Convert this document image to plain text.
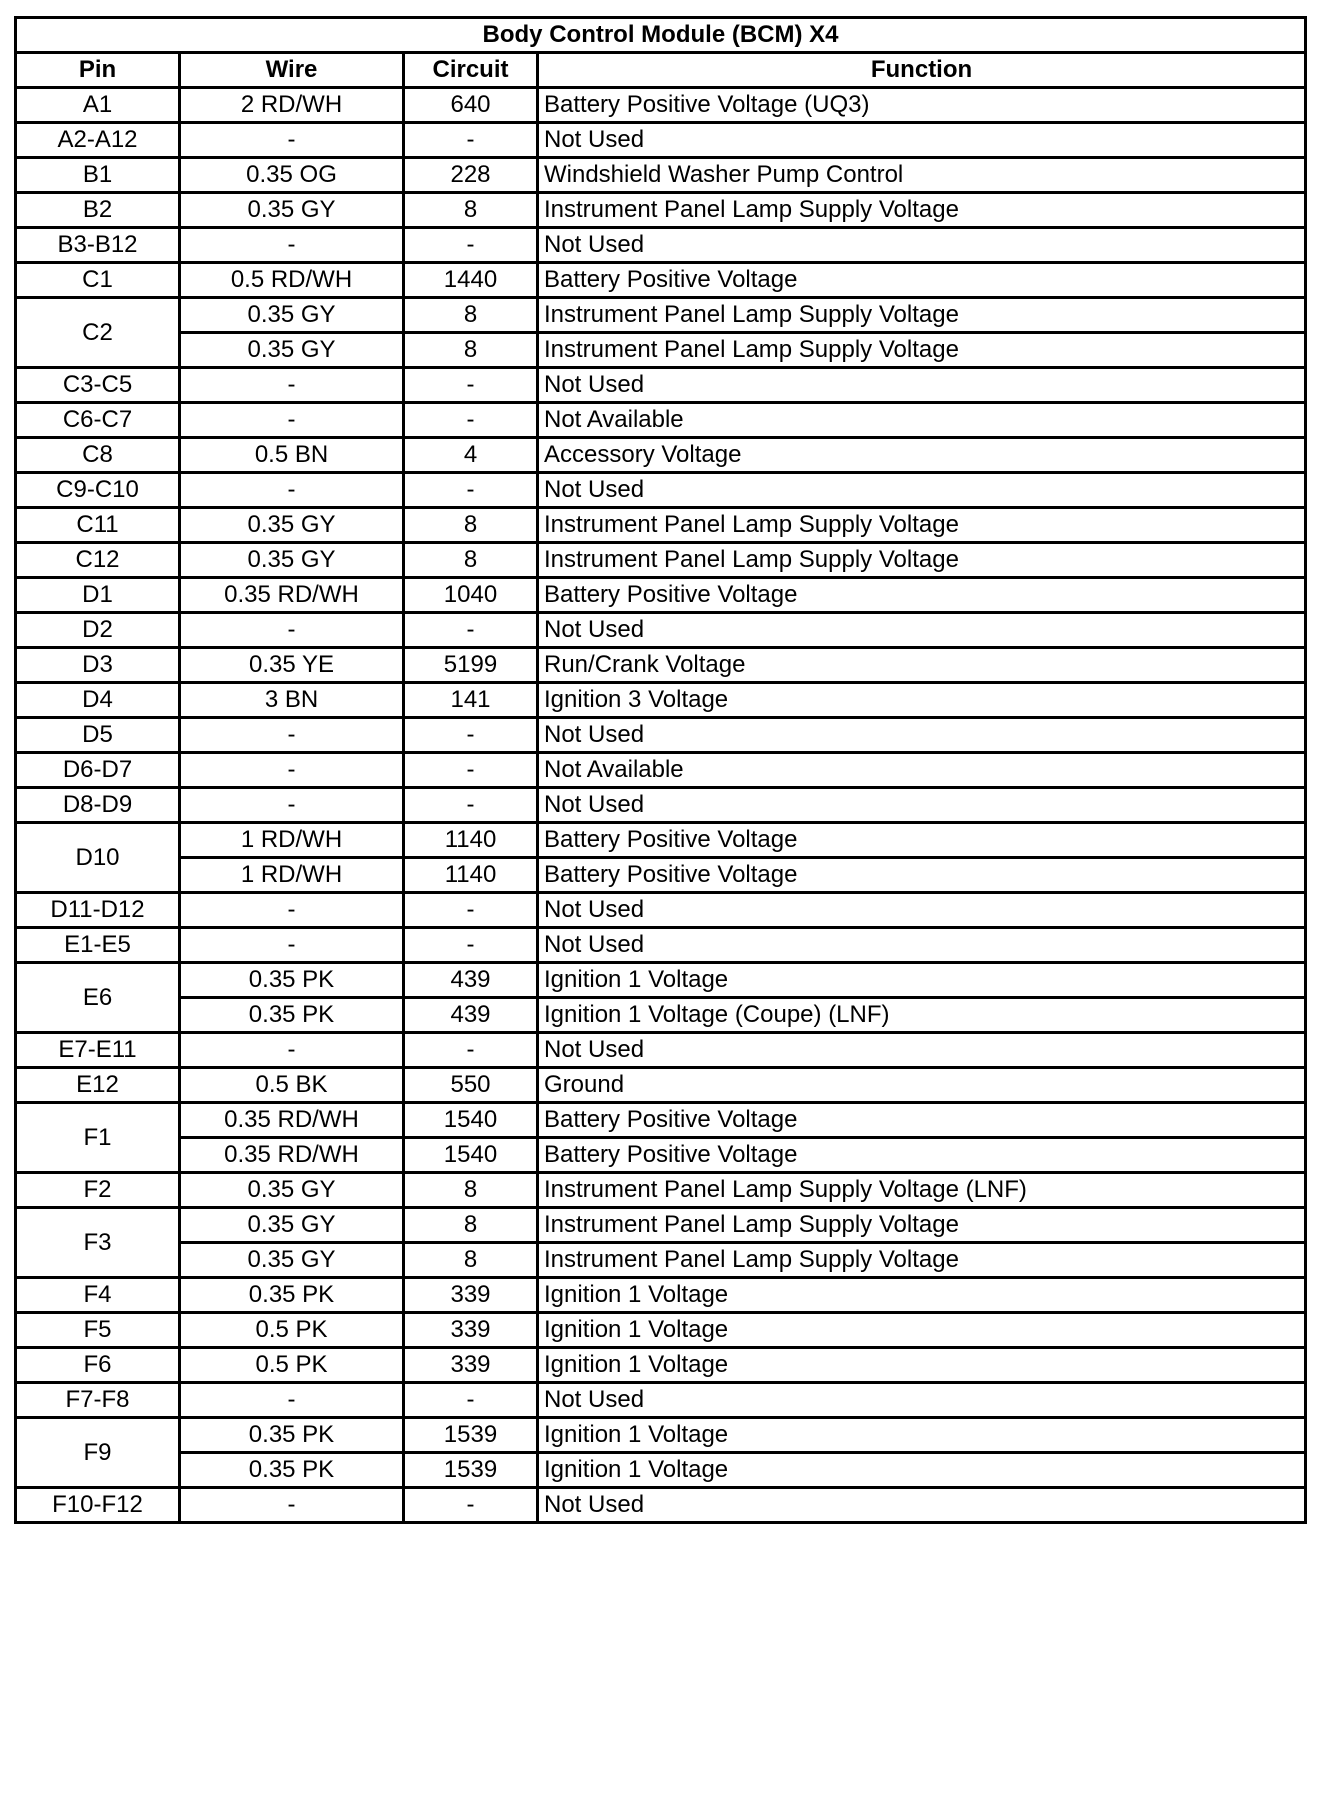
Body Control Module (BCM) X4			
Pin	Wire	Circuit	Function
A1	2 RD/WH	640	Battery Positive Voltage (UQ3)
A2-A12	-	-	Not Used
B1	0.35 OG	228	Windshield Washer Pump Control
B2	0.35 GY	8	Instrument Panel Lamp Supply Voltage
B3-B12	-	-	Not Used
C1	0.5 RD/WH	1440	Battery Positive Voltage
C2	0.35 GY	8	Instrument Panel Lamp Supply Voltage
	0.35 GY	8	Instrument Panel Lamp Supply Voltage
C3-C5	-	-	Not Used
C6-C7	-	-	Not Available
C8	0.5 BN	4	Accessory Voltage
C9-C10	-	-	Not Used
C11	0.35 GY	8	Instrument Panel Lamp Supply Voltage
C12	0.35 GY	8	Instrument Panel Lamp Supply Voltage
D1	0.35 RD/WH	1040	Battery Positive Voltage
D2	-	-	Not Used
D3	0.35 YE	5199	Run/Crank Voltage
D4	3 BN	141	Ignition 3 Voltage
D5	-	-	Not Used
D6-D7	-	-	Not Available
D8-D9	-	-	Not Used
D10	1 RD/WH	1140	Battery Positive Voltage
	1 RD/WH	1140	Battery Positive Voltage
D11-D12	-	-	Not Used
E1-E5	-	-	Not Used
E6	0.35 PK	439	Ignition 1 Voltage
	0.35 PK	439	Ignition 1 Voltage (Coupe) (LNF)
E7-E11	-	-	Not Used
E12	0.5 BK	550	Ground
F1	0.35 RD/WH	1540	Battery Positive Voltage
	0.35 RD/WH	1540	Battery Positive Voltage
F2	0.35 GY	8	Instrument Panel Lamp Supply Voltage (LNF)
F3	0.35 GY	8	Instrument Panel Lamp Supply Voltage
	0.35 GY	8	Instrument Panel Lamp Supply Voltage
F4	0.35 PK	339	Ignition 1 Voltage
F5	0.5 PK	339	Ignition 1 Voltage
F6	0.5 PK	339	Ignition 1 Voltage
F7-F8	-	-	Not Used
F9	0.35 PK	1539	Ignition 1 Voltage
	0.35 PK	1539	Ignition 1 Voltage
F10-F12	-	-	Not Used
